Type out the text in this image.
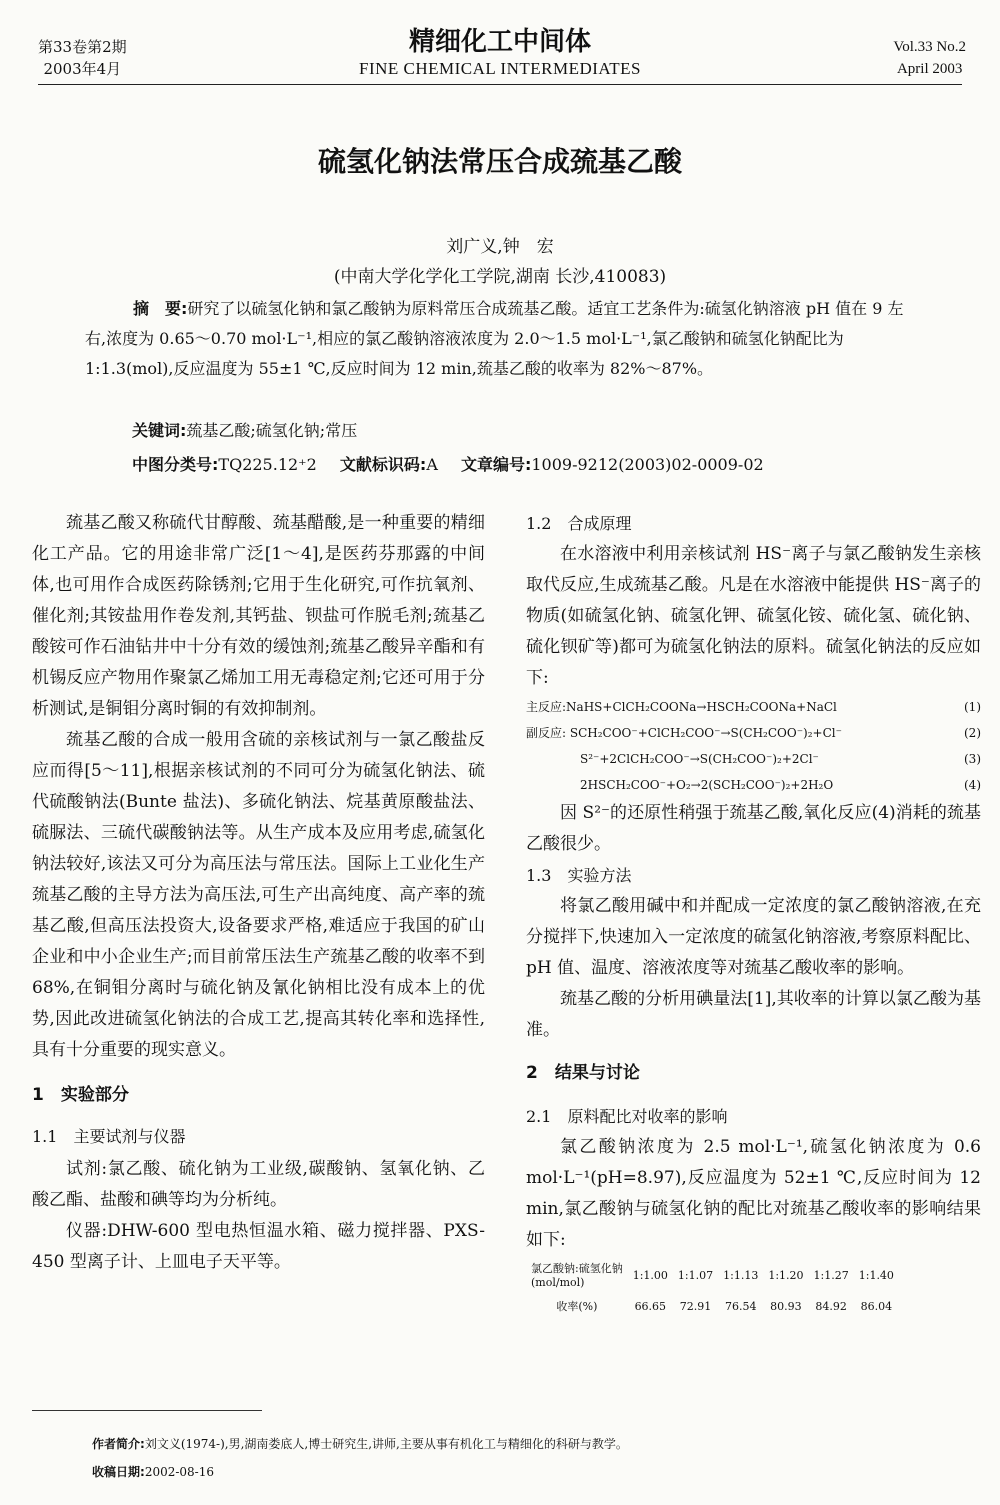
第33卷第2期
2003年4月
精细化工中间体
FINE CHEMICAL INTERMEDIATES
Vol.33 No.2
April 2003
硫氢化钠法常压合成巯基乙酸
刘广义,钟　宏
(中南大学化学化工学院,湖南 长沙,410083)
摘　要:研究了以硫氢化钠和氯乙酸钠为原料常压合成巯基乙酸。适宜工艺条件为:硫氢化钠溶液 pH 值在 9 左右,浓度为 0.65～0.70 mol·L⁻¹,相应的氯乙酸钠溶液浓度为 2.0～1.5 mol·L⁻¹,氯乙酸钠和硫氢化钠配比为 1:1.3(mol),反应温度为 55±1 ℃,反应时间为 12 min,巯基乙酸的收率为 82%～87%。
关键词:巯基乙酸;硫氢化钠;常压
中图分类号:TQ225.12⁺2 文献标识码:A 文章编号:1009-9212(2003)02-0009-02

巯基乙酸又称硫代甘醇酸、巯基醋酸,是一种重要的精细化工产品。它的用途非常广泛[1～4],是医药芬那露的中间体,也可用作合成医药除锈剂;它用于生化研究,可作抗氧剂、催化剂;其铵盐用作卷发剂,其钙盐、钡盐可作脱毛剂;巯基乙酸铵可作石油钻井中十分有效的缓蚀剂;巯基乙酸异辛酯和有机锡反应产物用作聚氯乙烯加工用无毒稳定剂;它还可用于分析测试,是铜钼分离时铜的有效抑制剂。

巯基乙酸的合成一般用含硫的亲核试剂与一氯乙酸盐反应而得[5～11],根据亲核试剂的不同可分为硫氢化钠法、硫代硫酸钠法(Bunte 盐法)、多硫化钠法、烷基黄原酸盐法、硫脲法、三硫代碳酸钠法等。从生产成本及应用考虑,硫氢化钠法较好,该法又可分为高压法与常压法。国际上工业化生产巯基乙酸的主导方法为高压法,可生产出高纯度、高产率的巯基乙酸,但高压法投资大,设备要求严格,难适应于我国的矿山企业和中小企业生产;而目前常压法生产巯基乙酸的收率不到 68%,在铜钼分离时与硫化钠及氰化钠相比没有成本上的优势,因此改进硫氢化钠法的合成工艺,提高其转化率和选择性,具有十分重要的现实意义。

1　实验部分
1.1　主要试剂与仪器

试剂:氯乙酸、硫化钠为工业级,碳酸钠、氢氧化钠、乙酸乙酯、盐酸和碘等均为分析纯。

仪器:DHW-600 型电热恒温水箱、磁力搅拌器、PXS-450 型离子计、上皿电子天平等。

1.2　合成原理

在水溶液中利用亲核试剂 HS⁻离子与氯乙酸钠发生亲核取代反应,生成巯基乙酸。凡是在水溶液中能提供 HS⁻离子的物质(如硫氢化钠、硫氢化钾、硫氢化铵、硫化氢、硫化钠、硫化钡矿等)都可为硫氢化钠法的原料。硫氢化钠法的反应如下:

主反应:NaHS+ClCH₂COONa→HSCH₂COONa+NaCl	(1)
副反应: SCH₂COO⁻+ClCH₂COO⁻→S(CH₂COO⁻)₂+Cl⁻	(2)
S²⁻+2ClCH₂COO⁻→S(CH₂COO⁻)₂+2Cl⁻	(3)
2HSCH₂COO⁻+O₂→2(SCH₂COO⁻)₂+2H₂O	(4)

因 S²⁻的还原性稍强于巯基乙酸,氧化反应(4)消耗的巯基乙酸很少。

1.3　实验方法

将氯乙酸用碱中和并配成一定浓度的氯乙酸钠溶液,在充分搅拌下,快速加入一定浓度的硫氢化钠溶液,考察原料配比、pH 值、温度、溶液浓度等对巯基乙酸收率的影响。

巯基乙酸的分析用碘量法[1],其收率的计算以氯乙酸为基准。

2　结果与讨论
2.1　原料配比对收率的影响

氯乙酸钠浓度为 2.5 mol·L⁻¹,硫氢化钠浓度为 0.6 mol·L⁻¹(pH=8.97),反应温度为 52±1 ℃,反应时间为 12 min,氯乙酸钠与硫氢化钠的配比对巯基乙酸收率的影响结果如下:

氯乙酸钠:硫氢化钠
(mol/mol)	1:1.00	1:1.07	1:1.13	1:1.20	1:1.27	1:1.40
收率(%)	66.65	72.91	76.54	80.93	84.92	86.04
作者简介:刘文义(1974-),男,湖南娄底人,博士研究生,讲师,主要从事有机化工与精细化的科研与教学。
收稿日期:2002-08-16
